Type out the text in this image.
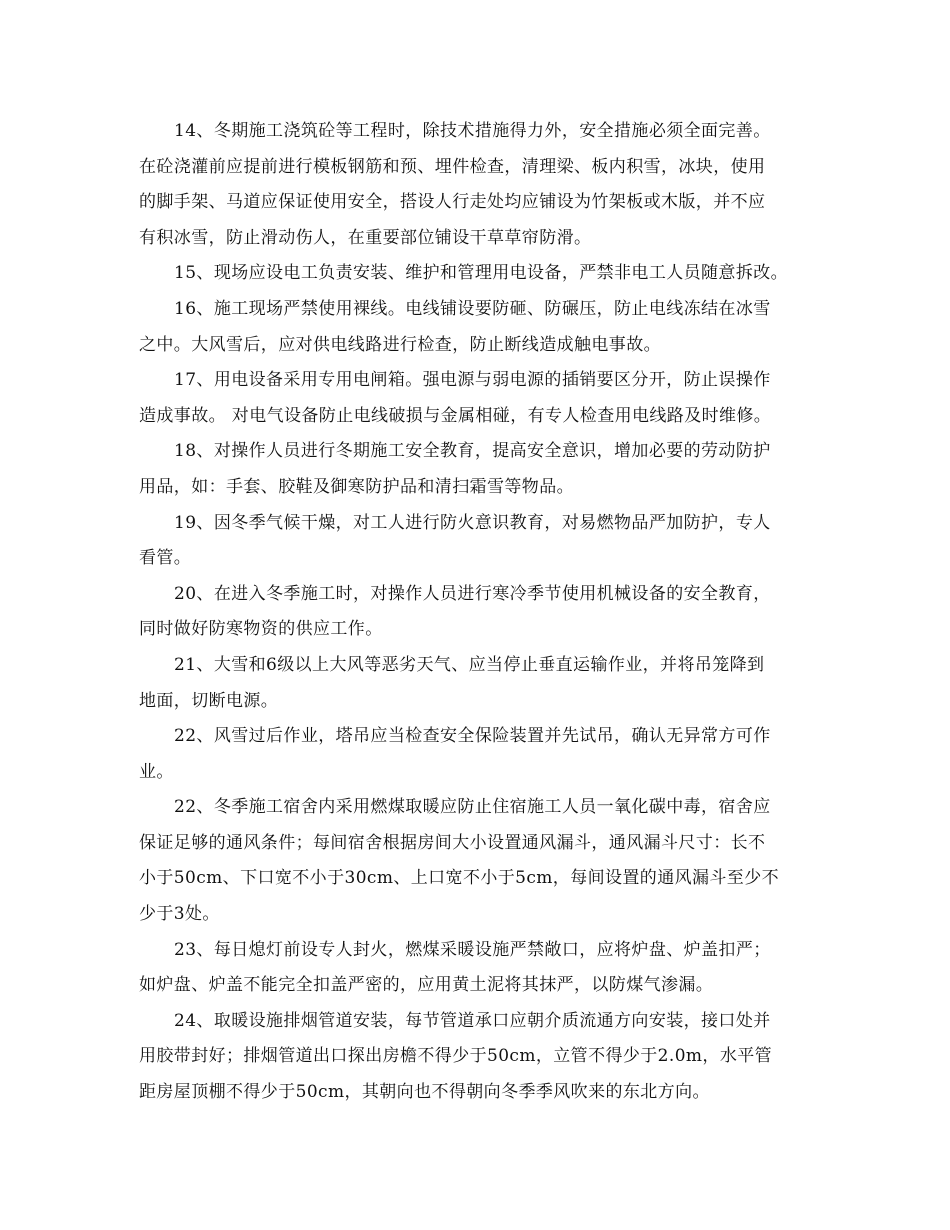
14、冬期施工浇筑砼等工程时，除技术措施得力外，安全措施必须全面完善。
在砼浇灌前应提前进行模板钢筋和预、埋件检查，清理梁、板内积雪，冰块，使用
的脚手架、马道应保证使用安全，搭设人行走处均应铺设为竹架板或木版，并不应
有积冰雪，防止滑动伤人，在重要部位铺设干草草帘防滑。

15、现场应设电工负责安装、维护和管理用电设备，严禁非电工人员随意拆改。

16、施工现场严禁使用裸线。电线铺设要防砸、防碾压，防止电线冻结在冰雪
之中。大风雪后，应对供电线路进行检查，防止断线造成触电事故。

17、用电设备采用专用电闸箱。强电源与弱电源的插销要区分开，防止误操作
造成事故。 对电气设备防止电线破损与金属相碰，有专人检查用电线路及时维修。

18、对操作人员进行冬期施工安全教育，提高安全意识，增加必要的劳动防护
用品，如：手套、胶鞋及御寒防护品和清扫霜雪等物品。

19、因冬季气候干燥，对工人进行防火意识教育，对易燃物品严加防护，专人
看管。

20、在进入冬季施工时，对操作人员进行寒冷季节使用机械设备的安全教育，
同时做好防寒物资的供应工作。

21、大雪和6级以上大风等恶劣天气、应当停止垂直运输作业，并将吊笼降到
地面，切断电源。

22、风雪过后作业，塔吊应当检查安全保险装置并先试吊，确认无异常方可作
业。

22、冬季施工宿舍内采用燃煤取暖应防止住宿施工人员一氧化碳中毒，宿舍应
保证足够的通风条件；每间宿舍根据房间大小设置通风漏斗，通风漏斗尺寸：长不
小于50cm、下口宽不小于30cm、上口宽不小于5cm，每间设置的通风漏斗至少不
少于3处。

23、每日熄灯前设专人封火，燃煤采暖设施严禁敞口，应将炉盘、炉盖扣严；
如炉盘、炉盖不能完全扣盖严密的，应用黄土泥将其抹严，以防煤气渗漏。

24、取暖设施排烟管道安装，每节管道承口应朝介质流通方向安装，接口处并
用胶带封好；排烟管道出口探出房檐不得少于50cm，立管不得少于2.0m，水平管
距房屋顶棚不得少于50cm，其朝向也不得朝向冬季季风吹来的东北方向。
